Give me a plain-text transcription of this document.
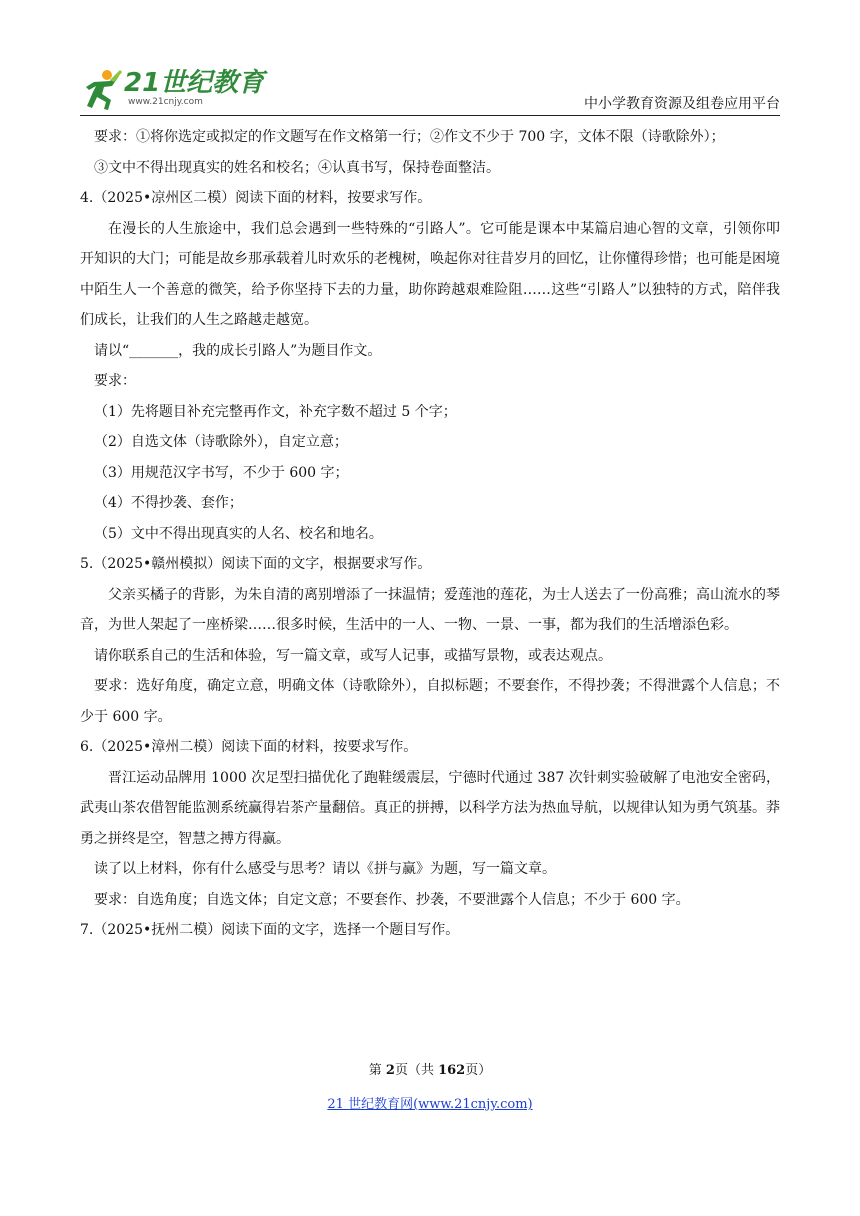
21世纪教育
www.21cnjy.com	中小学教育资源及组卷应用平台

要求：①将你选定或拟定的作文题写在作文格第一行；②作文不少于 700 字，文体不限（诗歌除外）；

③文中不得出现真实的姓名和校名；④认真书写，保持卷面整洁。

4.（2025•凉州区二模）阅读下面的材料，按要求写作。

在漫长的人生旅途中，我们总会遇到一些特殊的“引路人”。它可能是课本中某篇启迪心智的文章，引领你叩开知识的大门；可能是故乡那承载着儿时欢乐的老槐树，唤起你对往昔岁月的回忆，让你懂得珍惜；也可能是困境中陌生人一个善意的微笑，给予你坚持下去的力量，助你跨越艰难险阻……这些“引路人”以独特的方式，陪伴我们成长，让我们的人生之路越走越宽。

请以“_______，我的成长引路人”为题目作文。

要求：

（1）先将题目补充完整再作文，补充字数不超过 5 个字；

（2）自选文体（诗歌除外），自定立意；

（3）用规范汉字书写，不少于 600 字；

（4）不得抄袭、套作；

（5）文中不得出现真实的人名、校名和地名。

5.（2025•赣州模拟）阅读下面的文字，根据要求写作。

父亲买橘子的背影，为朱自清的离别增添了一抹温情；爱莲池的莲花，为士人送去了一份高雅；高山流水的琴音，为世人架起了一座桥梁……很多时候，生活中的一人、一物、一景、一事，都为我们的生活增添色彩。

请你联系自己的生活和体验，写一篇文章，或写人记事，或描写景物，或表达观点。

要求：选好角度，确定立意，明确文体（诗歌除外），自拟标题；不要套作，不得抄袭；不得泄露个人信息；不少于 600 字。

6.（2025•漳州二模）阅读下面的材料，按要求写作。

晋江运动品牌用 1000 次足型扫描优化了跑鞋缓震层，宁德时代通过 387 次针刺实验破解了电池安全密码，武夷山茶农借智能监测系统赢得岩茶产量翻倍。真正的拼搏，以科学方法为热血导航，以规律认知为勇气筑基。莽勇之拼终是空，智慧之搏方得赢。

读了以上材料，你有什么感受与思考？请以《拼与赢》为题，写一篇文章。

要求：自选角度；自选文体；自定文意；不要套作、抄袭，不要泄露个人信息；不少于 600 字。

7.（2025•抚州二模）阅读下面的文字，选择一个题目写作。

第 2页（共 162页）
21 世纪教育网(www.21cnjy.com)
